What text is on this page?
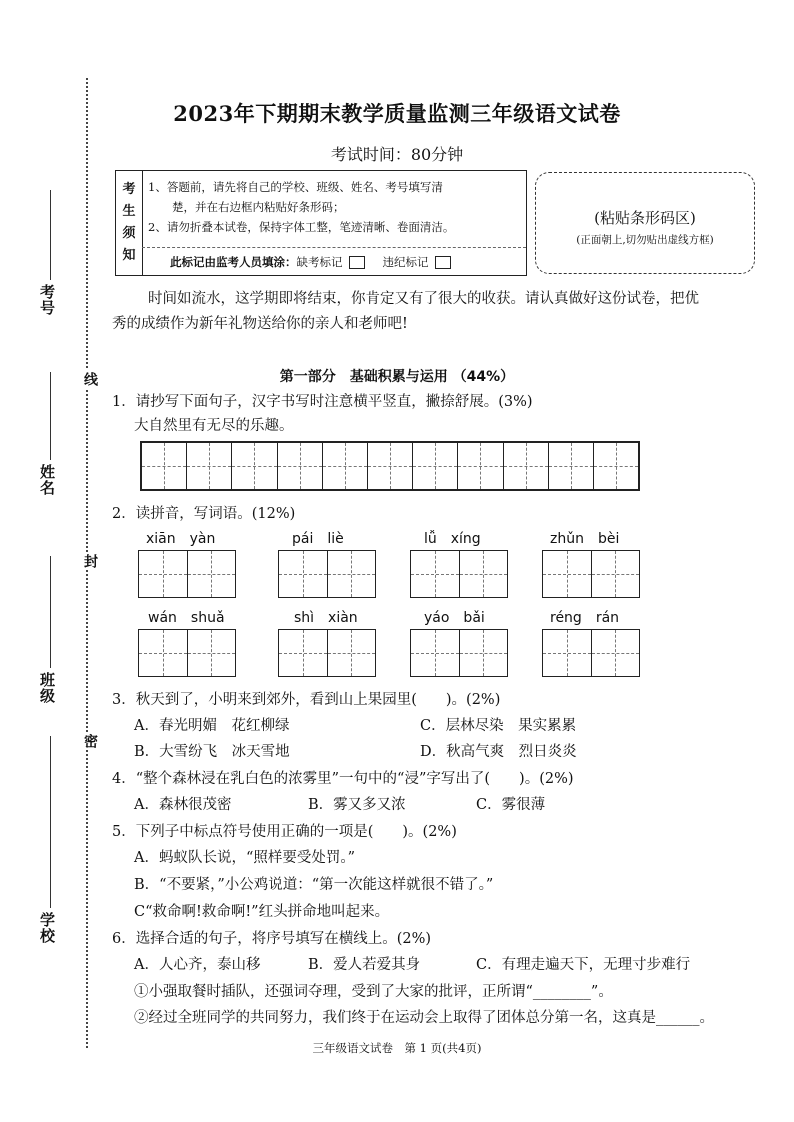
考号
姓名
班级
学校
线
封
密
2023年下期期末教学质量监测三年级语文试卷
考试时间：80分钟
考
生
须
知
1、答题前，请先将自己的学校、班级、姓名、考号填写清
楚，并在右边框内粘贴好条形码；
2、请勿折叠本试卷，保持字体工整，笔迹清晰、卷面清洁。
此标记由监考人员填涂： 缺考标记	违纪标记
(粘贴条形码区)
(正面朝上,切勿贴出虚线方框)
时间如流水，这学期即将结束，你肯定又有了很大的收获。请认真做好这份试卷，把优
秀的成绩作为新年礼物送给你的亲人和老师吧!
第一部分　基础积累与运用 （44%）
1．请抄写下面句子，汉字书写时注意横平竖直，撇捺舒展。(3%)
大自然里有无尽的乐趣。
2．读拼音，写词语。(12%)
xiān　yàn	pái　liè	lǚ　xíng	zhǔn　bèi
wán　shuǎ	shì　xiàn	yáo　bǎi	réng　rán
3．秋天到了，小明来到郊外，看到山上果园里(　　)。(2%)
A．春光明媚　花红柳绿	C．层林尽染　果实累累
B．大雪纷飞　冰天雪地	D．秋高气爽　烈日炎炎
4．“整个森林浸在乳白色的浓雾里”一句中的“浸”字写出了(　　)。(2%)
A．森林很茂密	B．雾又多又浓	C．雾很薄
5．下列子中标点符号使用正确的一项是(　　)。(2%)
A．蚂蚁队长说，“照样要受处罚。”
B．“不要紧，”小公鸡说道：“第一次能这样就很不错了。”
C“救命啊!救命啊!”红头拼命地叫起来。
6．选择合适的句子，将序号填写在横线上。(2%)
A．人心齐，泰山移	B．爱人若爱其身	C．有理走遍天下，无理寸步难行
①小强取餐时插队，还强词夺理，受到了大家的批评，正所谓“________”。
②经过全班同学的共同努力，我们终于在运动会上取得了团体总分第一名，这真是______。
三年级语文试卷　第 1 页(共4页)
